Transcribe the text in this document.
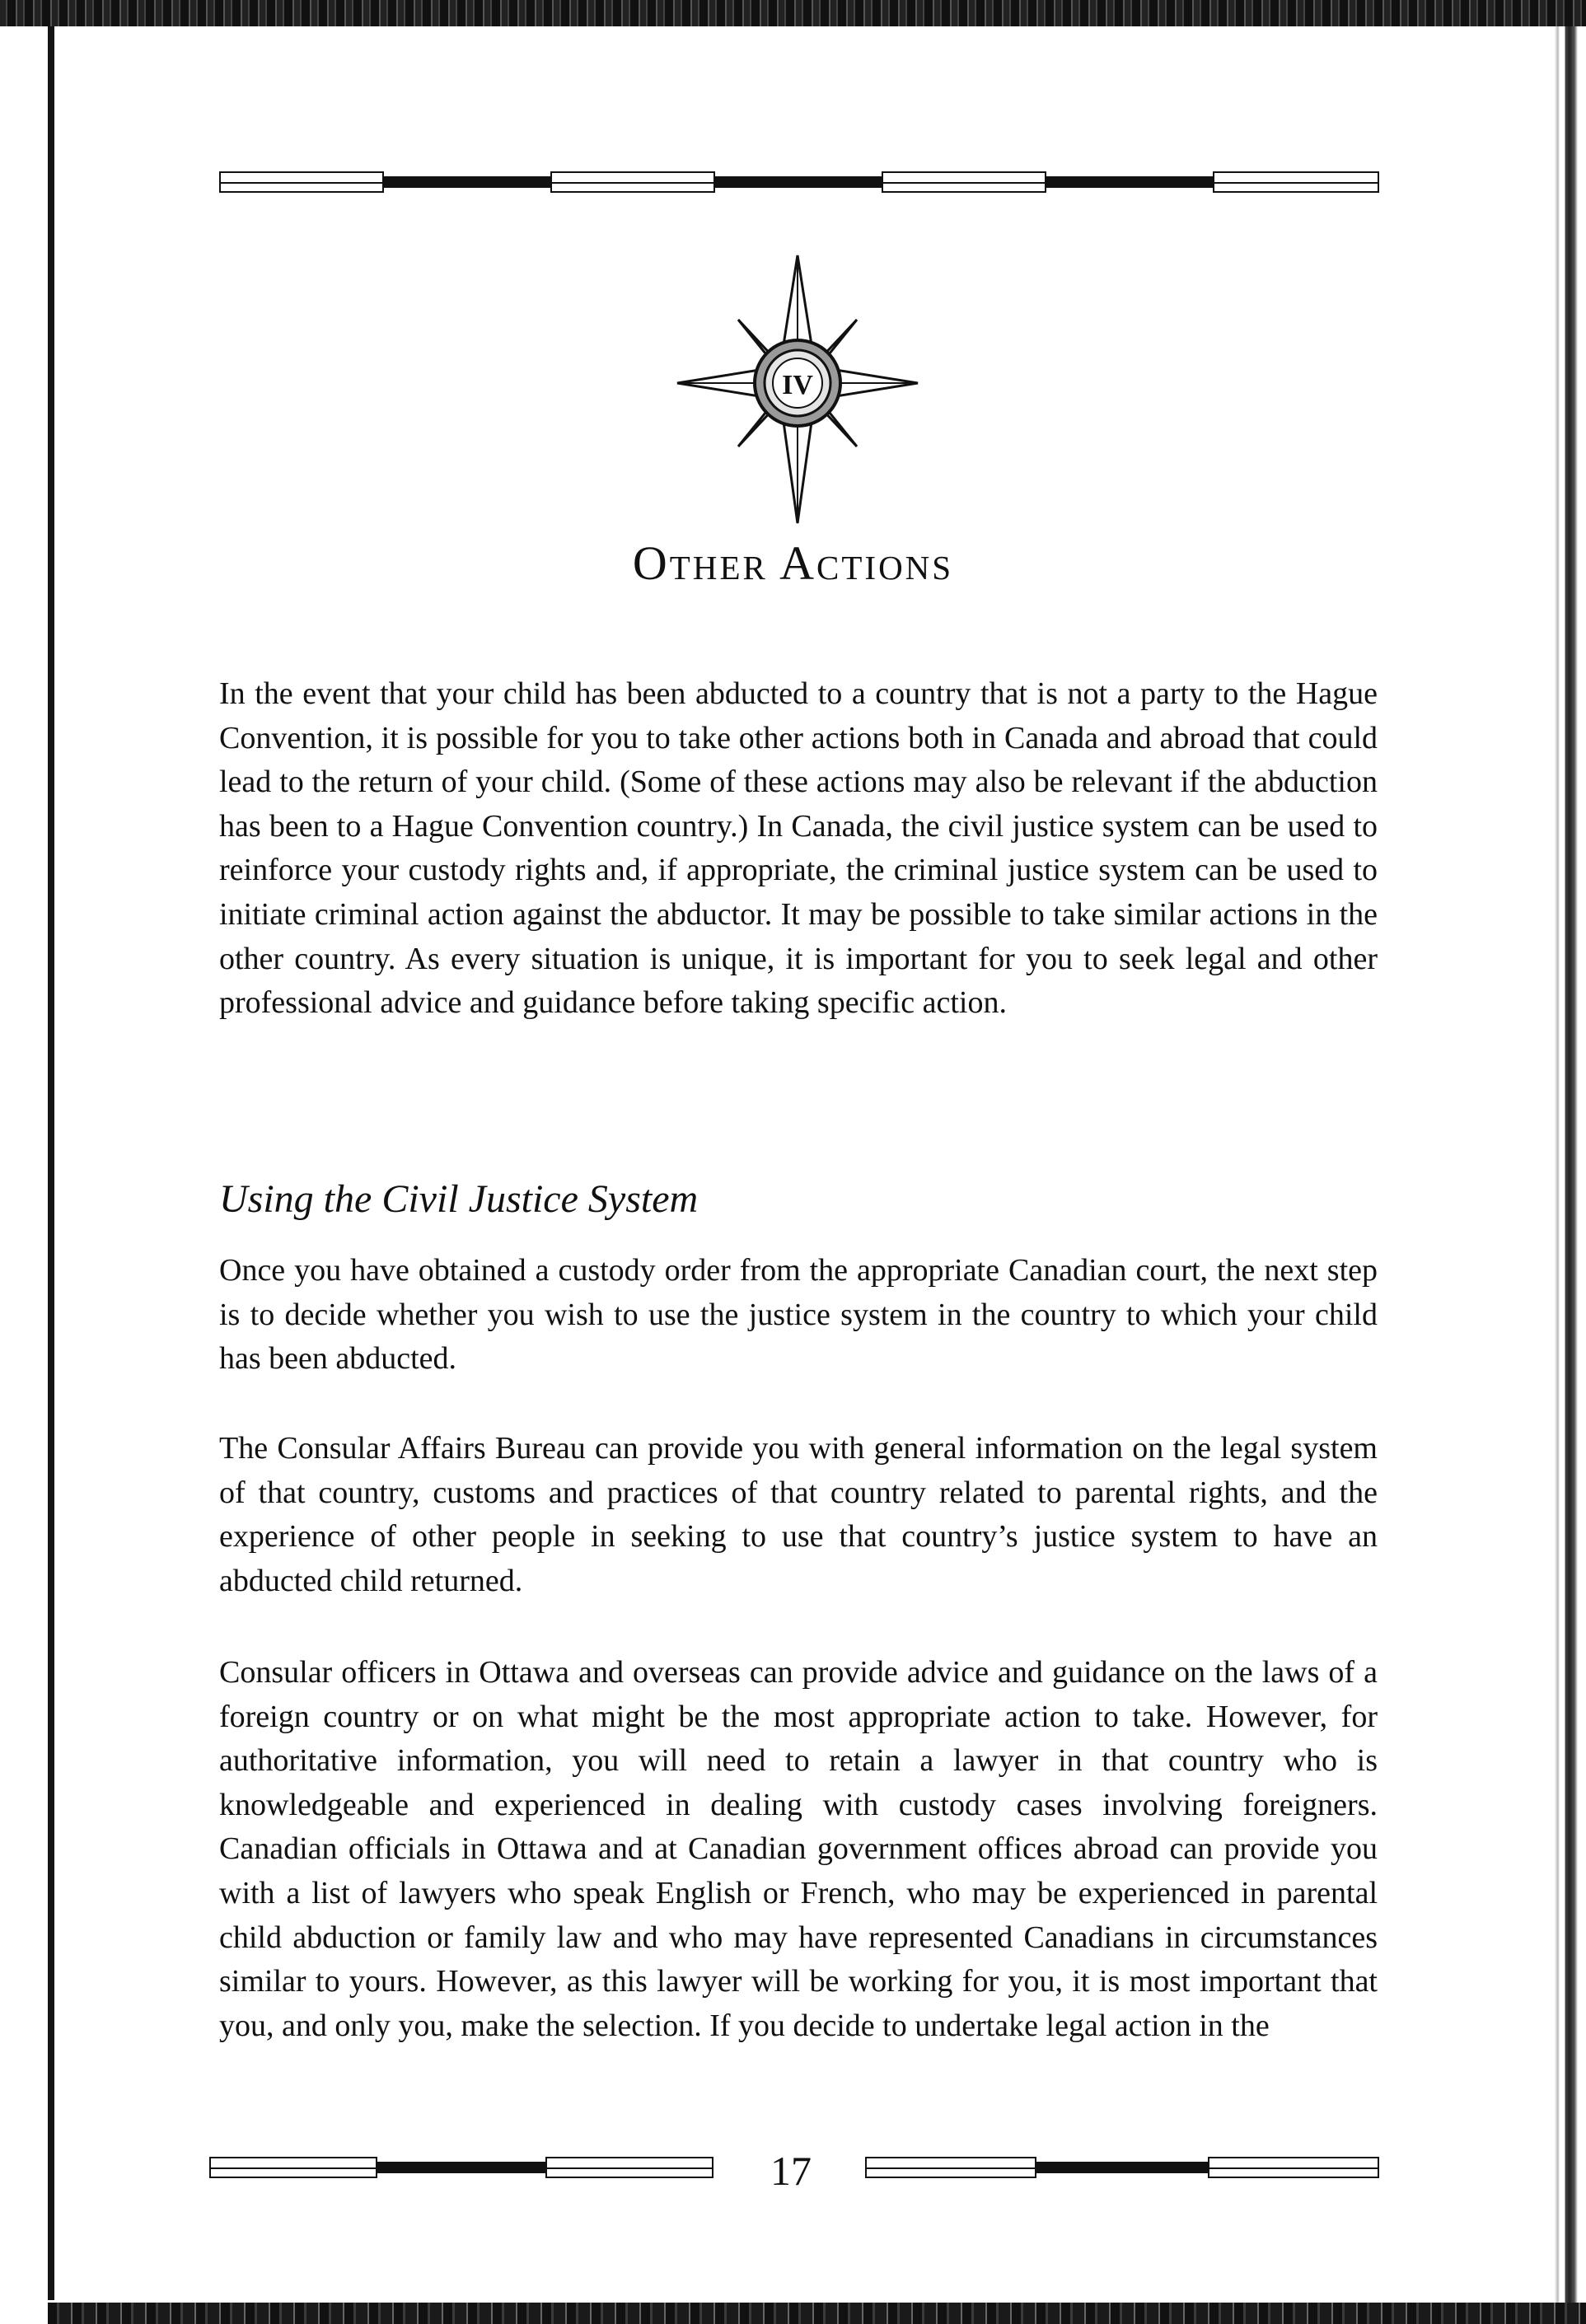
IV
Other Actions

In the event that your child has been abducted to a country that is not a party to the Hague Convention, it is possible for you to take other actions both in Canada and abroad that could lead to the return of your child. (Some of these actions may also be relevant if the abduction has been to a Hague Convention country.) In Canada, the civil justice system can be used to reinforce your custody rights and, if appropriate, the criminal justice system can be used to initiate criminal action against the abductor. It may be possible to take similar actions in the other country. As every situation is unique, it is important for you to seek legal and other professional advice and guidance before taking specific action.

Using the Civil Justice System

Once you have obtained a custody order from the appropriate Canadian court, the next step is to decide whether you wish to use the justice system in the country to which your child has been abducted.

The Consular Affairs Bureau can provide you with general information on the legal system of that country, customs and practices of that country related to parental rights, and the experience of other people in seeking to use that country’s justice system to have an abducted child returned.

Consular officers in Ottawa and overseas can provide advice and guidance on the laws of a foreign country or on what might be the most appropriate action to take. However, for authoritative information, you will need to retain a lawyer in that country who is knowledgeable and experienced in dealing with custody cases involving foreigners. Canadian officials in Ottawa and at Canadian government offices abroad can provide you with a list of lawyers who speak English or French, who may be experienced in parental child abduction or family law and who may have represented Canadians in circumstances similar to yours. However, as this lawyer will be working for you, it is most important that you, and only you, make the selection. If you decide to undertake legal action in the

17
